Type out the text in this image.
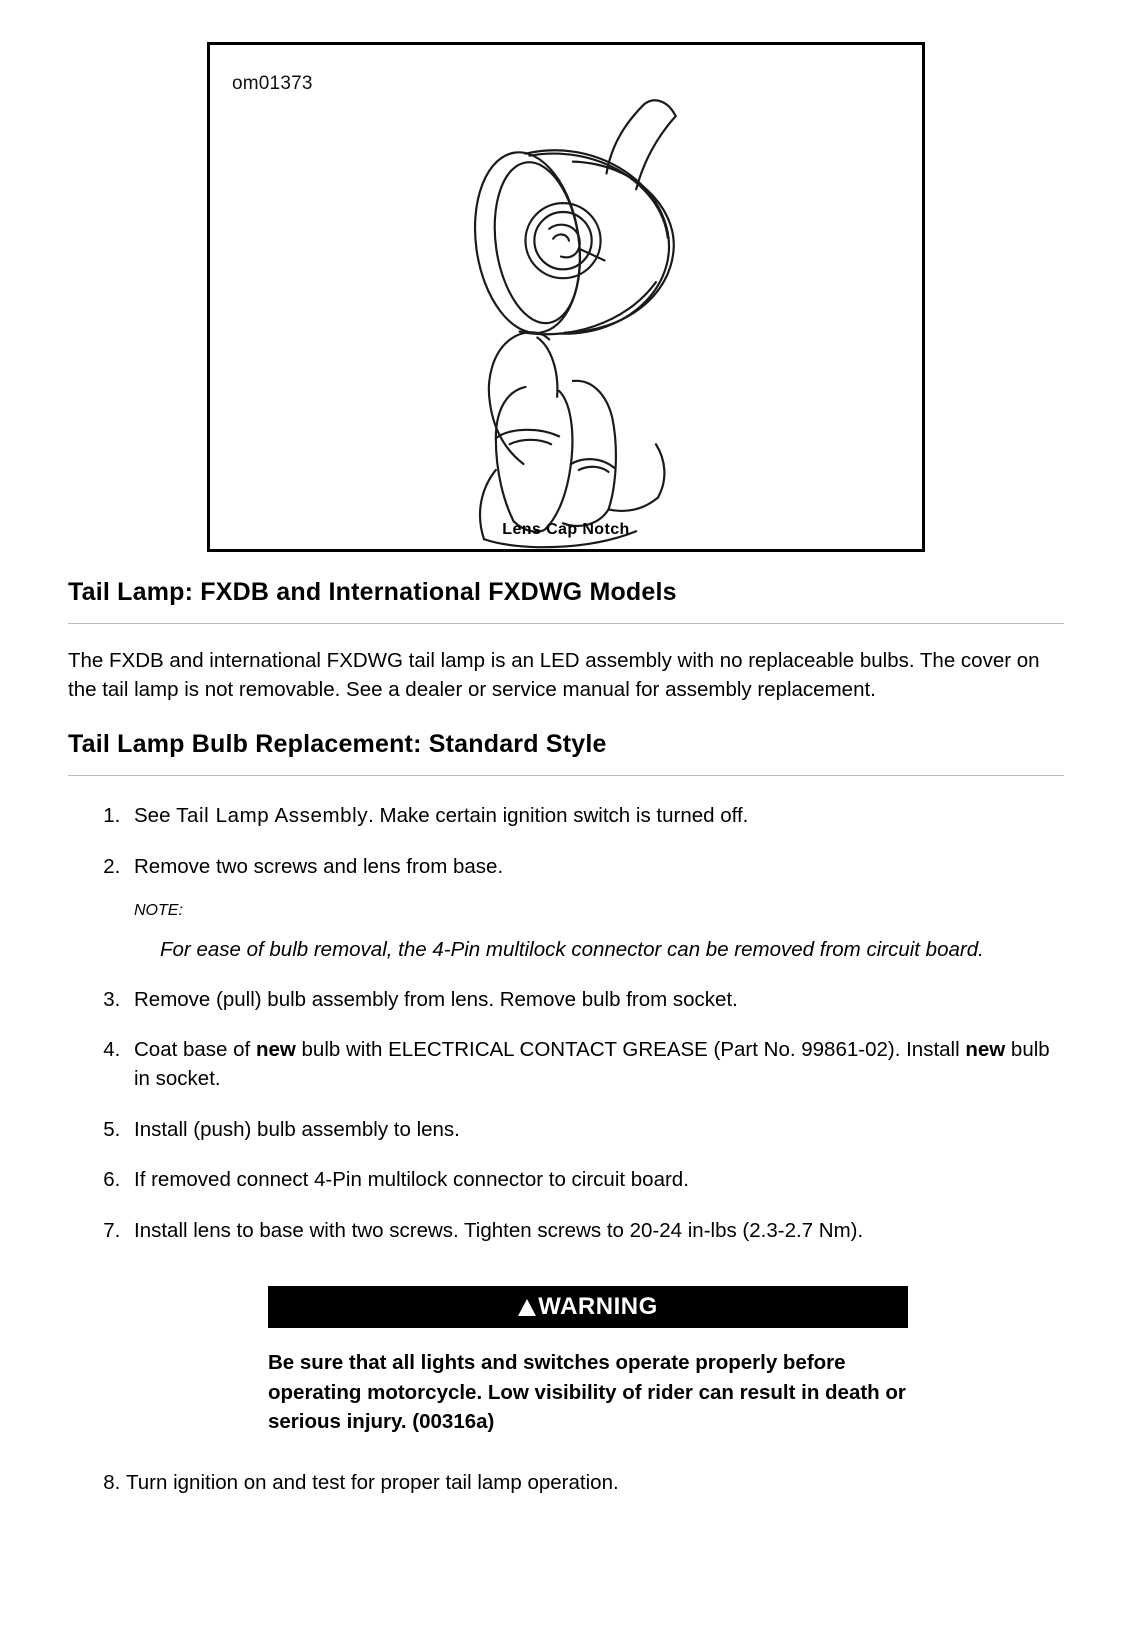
om01373
Lens Cap Notch
Tail Lamp: FXDB and International FXDWG Models

The FXDB and international FXDWG tail lamp is an LED assembly with no replaceable bulbs. The cover on the tail lamp is not removable. See a dealer or service manual for assembly replacement.

Tail Lamp Bulb Replacement: Standard Style
1. See Tail Lamp Assembly. Make certain ignition switch is turned off.
2. Remove two screws and lens from base.

NOTE:

For ease of bulb removal, the 4-Pin multilock connector can be removed from circuit board.

3. Remove (pull) bulb assembly from lens. Remove bulb from socket.
4. Coat base of new bulb with ELECTRICAL CONTACT GREASE (Part No. 99861-02). Install new bulb in socket.
5. Install (push) bulb assembly to lens.
6. If removed connect 4-Pin multilock connector to circuit board.
7. Install lens to base with two screws. Tighten screws to 20-24 in-lbs (2.3-2.7 Nm).
WARNING

Be sure that all lights and switches operate properly before operating motorcycle. Low visibility of rider can result in death or serious injury. (00316a)

8. Turn ignition on and test for proper tail lamp operation.
